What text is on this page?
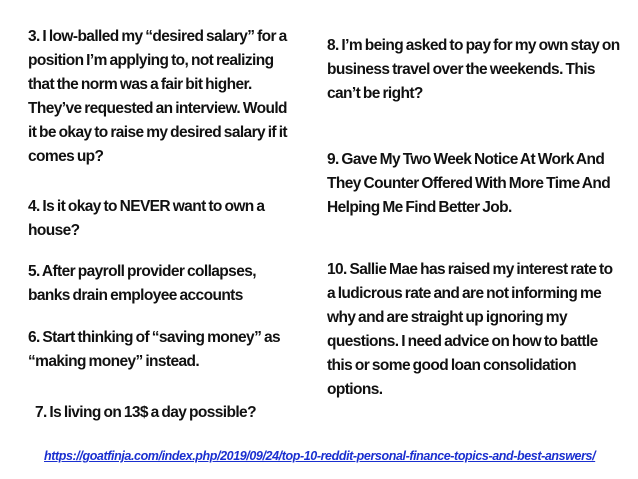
3. I low-balled my “desired salary” for a position I’m applying to, not realizing that the norm was a fair bit higher. They’ve requested an interview. Would it be okay to raise my desired salary if it comes up?
4. Is it okay to NEVER want to own a house?
5. After payroll provider collapses, banks drain employee accounts
6. Start thinking of “saving money” as “making money” instead.
7. Is living on 13$ a day possible?
8. I’m being asked to pay for my own stay on business travel over the weekends. This can’t be right?
9. Gave My Two Week Notice At Work And They Counter Offered With More Time And Helping Me Find Better Job.
10. Sallie Mae has raised my interest rate to a ludicrous rate and are not informing me why and are straight up ignoring my questions. I need advice on how to battle this or some good loan consolidation options.
https://goatfinja.com/index.php/2019/09/24/top-10-reddit-personal-finance-topics-and-best-answers/
